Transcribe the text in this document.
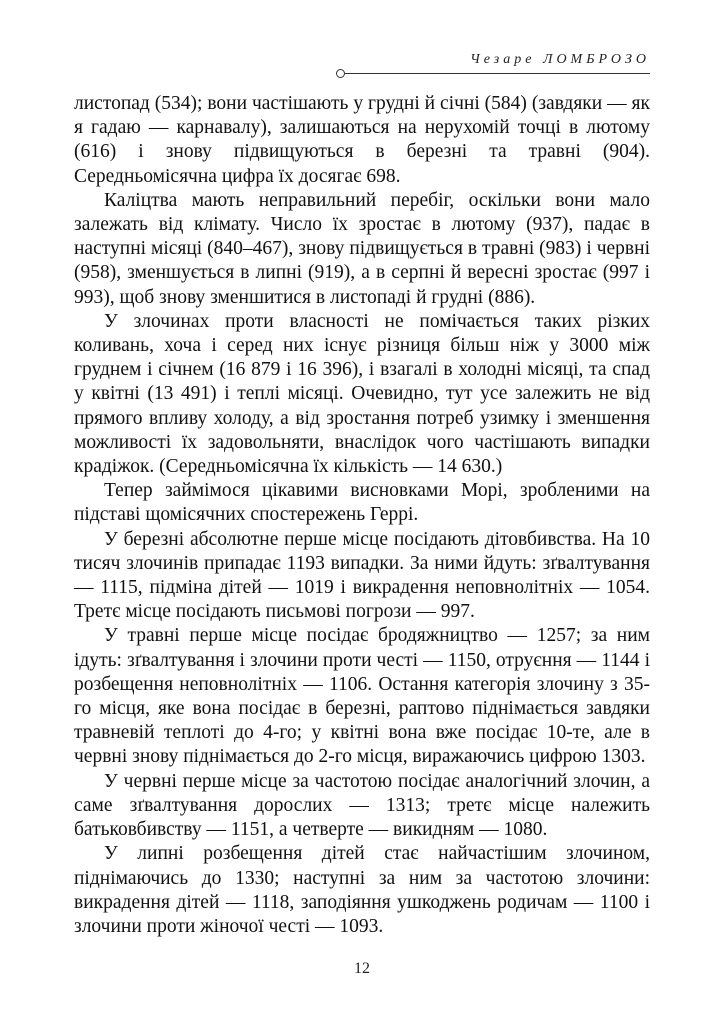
Чезаре ЛОМБРОЗО

листопад (534); вони частішають у грудні й січні (584) (завдяки — як я гадаю — карнавалу), залишаються на нерухомій точці в лютому (616) і знову підвищуються в березні та травні (904). Середньомісячна цифра їх досягає 698.

Каліцтва мають неправильний перебіг, оскільки вони мало залежать від клімату. Число їх зростає в лютому (937), падає в наступні місяці (840–467), знову підвищується в травні (983) і червні (958), зменшується в липні (919), а в серпні й вересні зростає (997 і 993), щоб знову зменшитися в листопаді й грудні (886).

У злочинах проти власності не помічається таких різких коливань, хоча і серед них існує різниця більш ніж у 3000 між груднем і січнем (16 879 і 16 396), і взагалі в холодні місяці, та спад у квітні (13 491) і теплі місяці. Очевидно, тут усе залежить не від прямого впливу холоду, а від зростання потреб узимку і зменшення можливості їх задовольняти, внаслідок чого частішають випадки крадіжок. (Середньомісячна їх кількість — 14 630.)

Тепер займімося цікавими висновками Морі, зробленими на підставі щомісячних спостережень Геррі.

У березні абсолютне перше місце посідають дітовбивства. На 10 тисяч злочинів припадає 1193 випадки. За ними йдуть: зґвалтування — 1115, підміна дітей — 1019 і викрадення неповнолітніх — 1054. Третє місце посідають письмові погрози — 997.

У травні перше місце посідає бродяжництво — 1257; за ним ідуть: зґвалтування і злочини проти честі — 1150, отруєння — 1144 і розбещення неповнолітніх — 1106. Остання категорія злочину з 35-го місця, яке вона посідає в березні, раптово піднімається завдяки травневій теплоті до 4-го; у квітні вона вже посідає 10-те, але в червні знову піднімається до 2-го місця, виражаючись цифрою 1303.

У червні перше місце за частотою посідає аналогічний злочин, а саме зґвалтування дорослих — 1313; третє місце належить батьковбивству — 1151, а четверте — викидням — 1080.

У липні розбещення дітей стає найчастішим злочином, піднімаючись до 1330; наступні за ним за частотою злочини: викрадення дітей — 1118, заподіяння ушкоджень родичам — 1100 і злочини проти жіночої честі — 1093.

12
